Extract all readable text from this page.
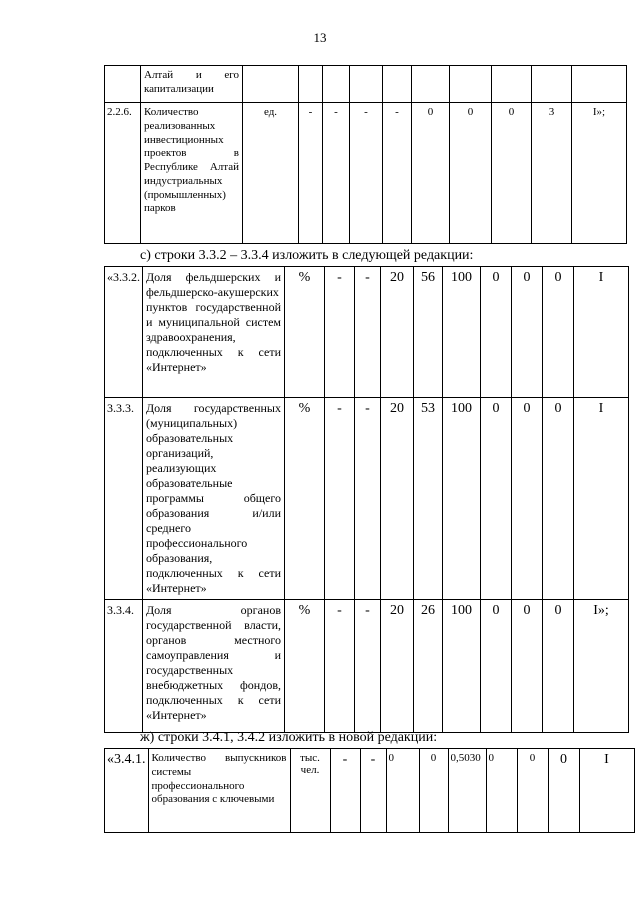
13
	Алтай и его капитализации										
2.2.6.	Количество реализованных инвестиционных проектов в Республике Алтай индустриальных (промышленных) парков	ед.	-	-	-	-	0	0	0	3	I»;
с) строки 3.3.2 – 3.3.4 изложить в следующей редакции:
«3.3.2.	Доля фельдшерских и фельдшерско-акушерских пунктов государственной и муниципальной систем здравоохранения, подключенных к сети «Интернет»	%	-	-	20	56	100	0	0	0	I
3.3.3.	Доля государственных (муниципальных) образовательных организаций, реализующих образовательные программы общего образования и/или среднего профессионального образования, подключенных к сети «Интернет»	%	-	-	20	53	100	0	0	0	I
3.3.4.	Доля органов государственной власти, органов местного самоуправления и государственных внебюджетных фондов, подключенных к сети «Интернет»	%	-	-	20	26	100	0	0	0	I»;
ж) строки 3.4.1, 3.4.2 изложить в новой редакции:
«3.4.1.	Количество выпускников системы профессионального образования с ключевыми	тыс. чел.	-	-	0	0	0,5030	0	0	0	I
